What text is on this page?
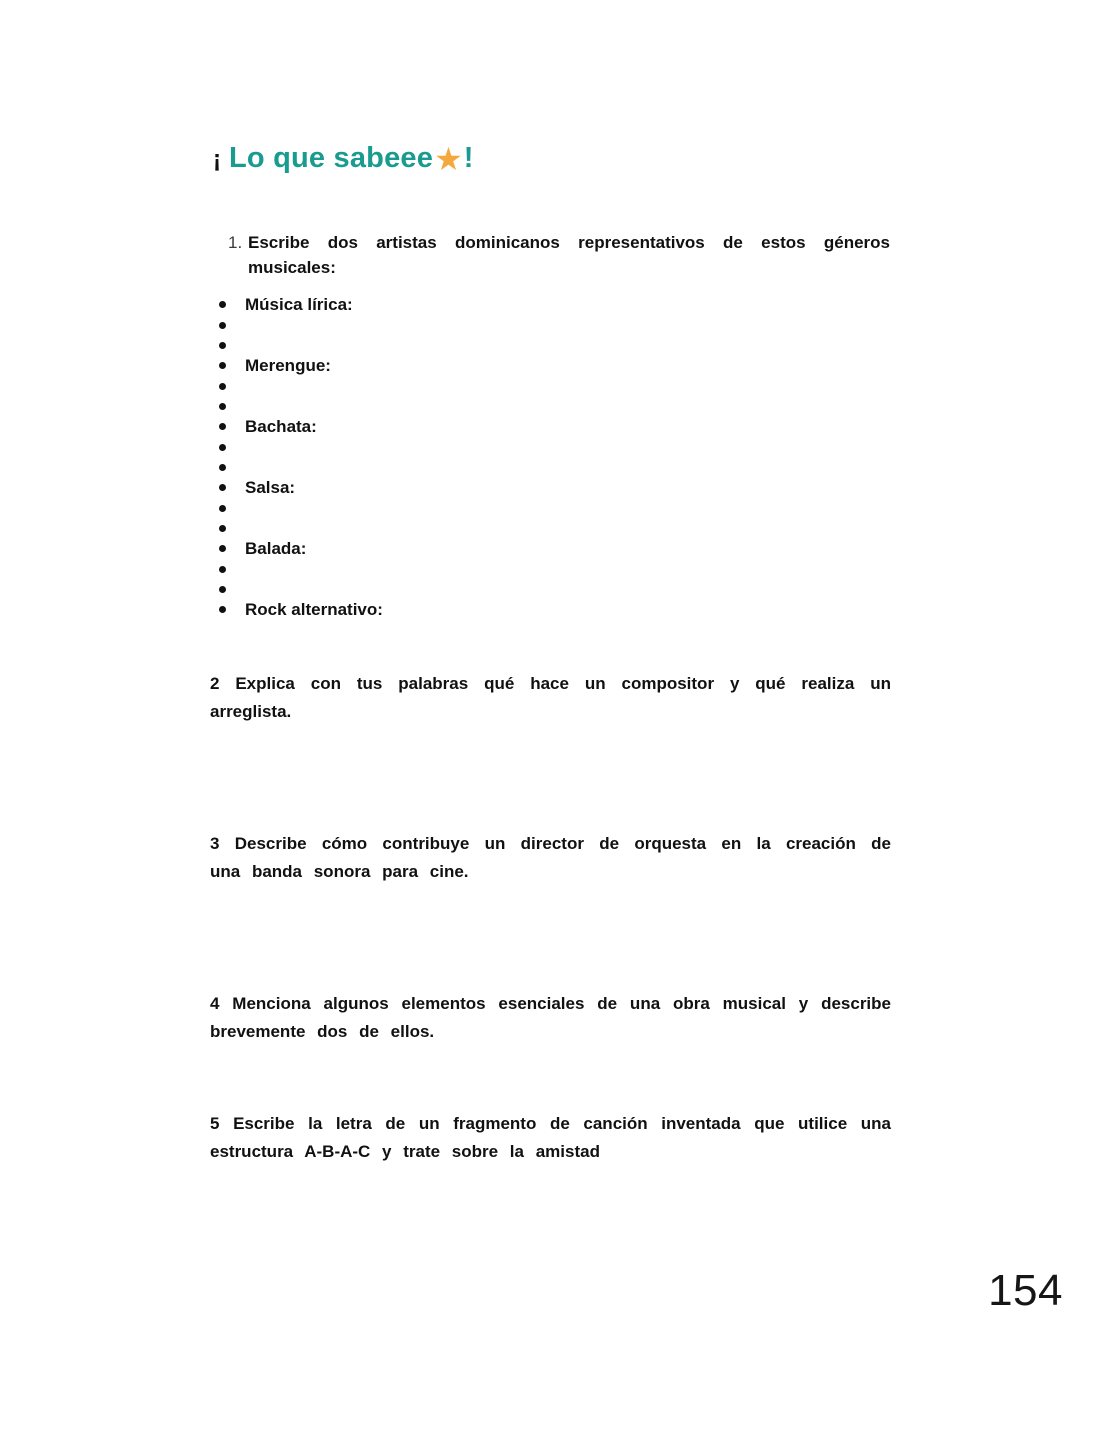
¡ Lo que sabeee★!
1. Escribe dos artistas dominicanos representativos de estos géneros musicales:
Música lírica:
Merengue:
Bachata:
Salsa:
Balada:
Rock alternativo:

2 Explica con tus palabras qué hace un compositor y qué realiza un arreglista.

3 Describe cómo contribuye un director de orquesta en la creación de una banda sonora para cine.

4 Menciona algunos elementos esenciales de una obra musical y describe brevemente dos de ellos.

5 Escribe la letra de un fragmento de canción inventada que utilice una estructura A-B-A-C y trate sobre la amistad

154
